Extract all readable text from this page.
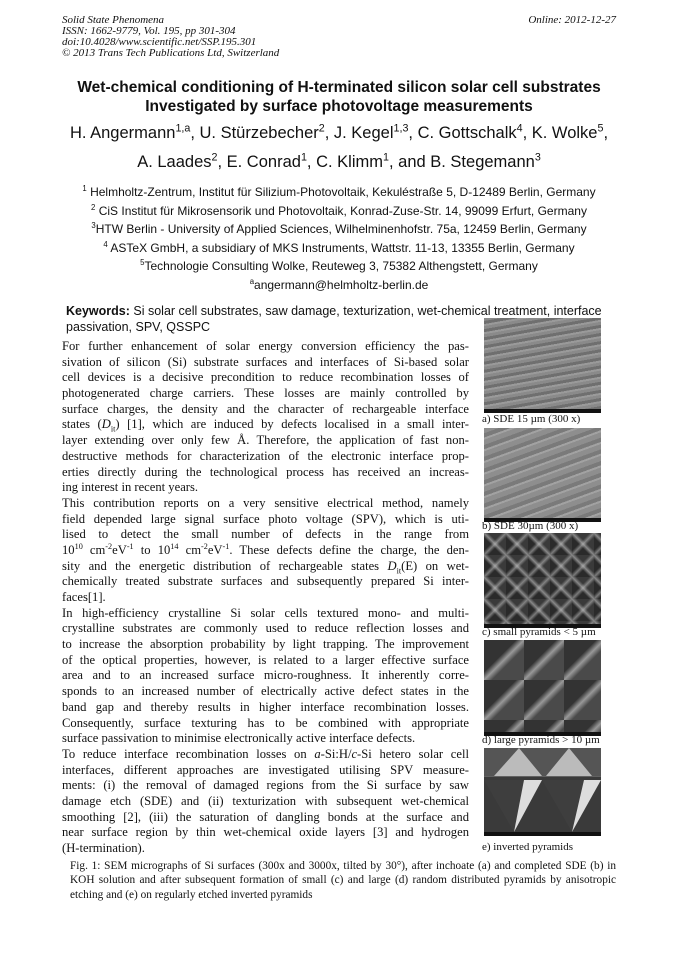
Solid State Phenomena
ISSN: 1662-9779, Vol. 195, pp 301-304
doi:10.4028/www.scientific.net/SSP.195.301
© 2013 Trans Tech Publications Ltd, Switzerland
Online: 2012-12-27
Wet-chemical conditioning of H-terminated silicon solar cell substrates
Investigated by surface photovoltage measurements
H. Angermann$^{1,a}$, U. Stürzebecher$^2$, J. Kegel$^{1,3}$, C. Gottschalk$^4$, K. Wolke$^5$,
A. Laades$^2$, E. Conrad$^1$, C. Klimm$^1$, and B. Stegemann$^3$
$^1$ Helmholtz-Zentrum, Institut für Silizium-Photovoltaik, Kekuléstraße 5, D-12489 Berlin, Germany
$^2$ CiS Institut für Mikrosensorik und Photovoltaik, Konrad-Zuse-Str. 14, 99099 Erfurt, Germany
$^3$HTW Berlin - University of Applied Sciences, Wilhelminenhofstr. 75a, 12459 Berlin, Germany
$^4$ ASTeX GmbH, a subsidiary of MKS Instruments, Wattstr. 11-13, 13355 Berlin, Germany
$^5$Technologie Consulting Wolke, Reuteweg 3, 75382 Althengstett, Germany
$^a$angermann@helmholtz-berlin.de
Keywords: Si solar cell substrates, saw damage, texturization, wet-chemical treatment, interface passivation, SPV, QSSPC
For further enhancement of solar energy conversion efficiency the pas-
sivation of silicon (Si) substrate surfaces and interfaces of Si-based solar
cell devices is a decisive precondition to reduce recombination losses of
photogenerated charge carriers. These losses are mainly controlled by
surface charges, the density and the character of rechargeable interface
states $(D_{it})$ [1], which are induced by defects localised in a small inter-
layer extending over only few Å. Therefore, the application of fast non-
destructive methods for characterization of the electronic interface prop-
erties directly during the technological process has received an increas-
ing interest in recent years.
This contribution reports on a very sensitive electrical method, namely
field depended large signal surface photo voltage (SPV), which is uti-
lised to detect the small number of defects in the range from
$10^{10}$ $cm^{-2}eV^{-1}$ to $10^{14}$ $cm^{-2}eV^{-1}$. These defects define the charge, the den-
sity and the energetic distribution of rechargeable states $D_{it}(E)$ on wet-
chemically treated substrate surfaces and subsequently prepared Si inter-
faces[1].
In high-efficiency crystalline Si solar cells textured mono- and multi-
crystalline substrates are commonly used to reduce reflection losses and
to increase the absorption probability by light trapping. The improvement
of the optical properties, however, is related to a larger effective surface
area and to an increased surface micro-roughness. It inherently corre-
sponds to an increased number of electrically active defect states in the
band gap and thereby results in higher interface recombination losses.
Consequently, surface texturing has to be combined with appropriate
surface passivation to minimise electronically active interface defects.
To reduce interface recombination losses on a-Si:H/c-Si hetero solar cell
interfaces, different approaches are investigated utilising SPV measure-
ments: (i) the removal of damaged regions from the Si surface by saw
damage etch (SDE) and (ii) texturization with subsequent wet-chemical
smoothing [2], (iii) the saturation of dangling bonds at the surface and
near surface region by thin wet-chemical oxide layers [3] and hydrogen
(H-termination).
a) SDE 15 µm (300 x)
b) SDE 30µm (300 x)
c) small pyramids < 5 µm
d) large pyramids > 10 µm
e) inverted pyramids
Fig. 1: SEM micrographs of Si surfaces (300x and 3000x, tilted by 30°), after inchoate (a) and completed SDE (b) in KOH solution and after subsequent formation of small (c) and large (d) random distributed pyramids by anisotropic etching and (e) on regularly etched inverted pyramids
